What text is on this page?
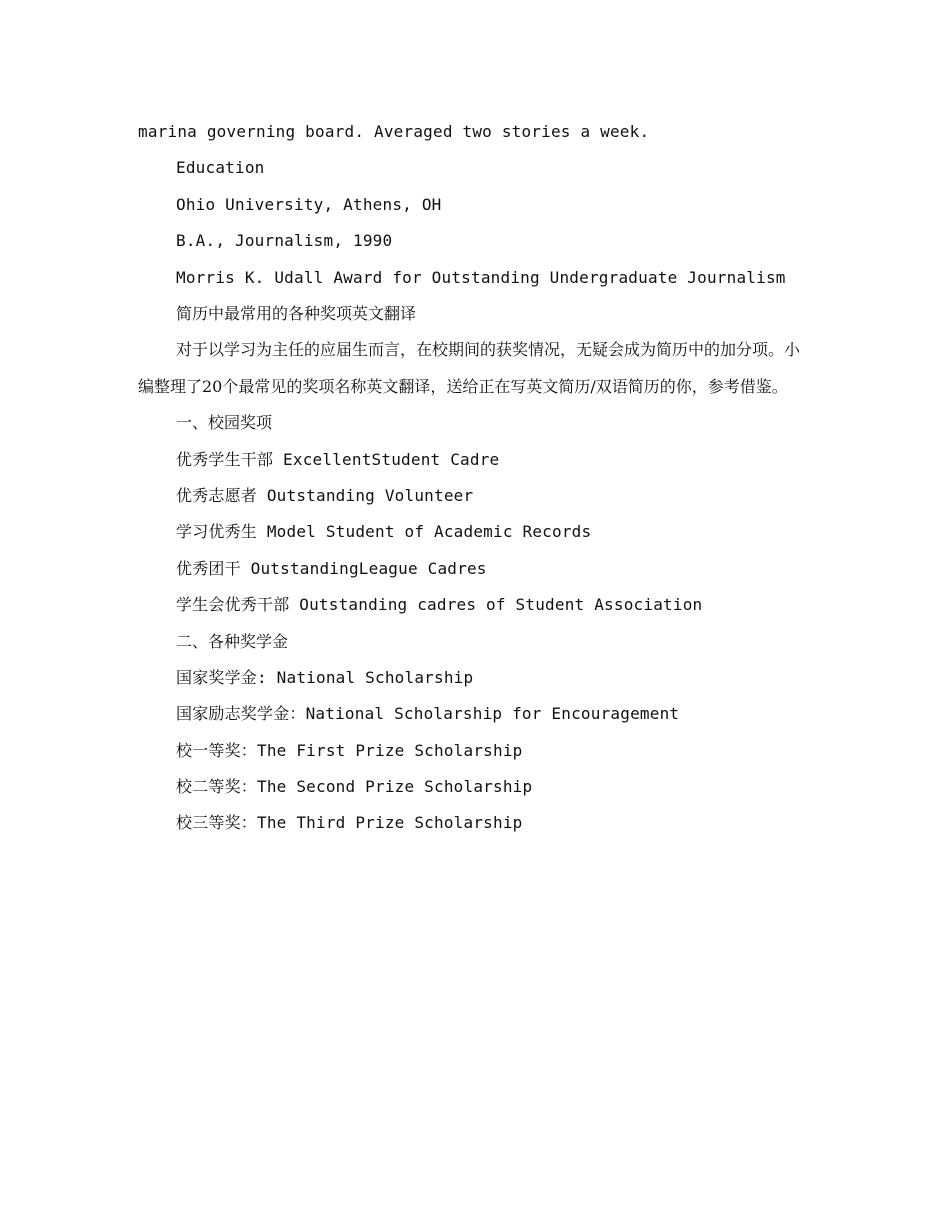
marina governing board. Averaged two stories a week.

Education

Ohio University, Athens, OH

B.A., Journalism, 1990

Morris K. Udall Award for Outstanding Undergraduate Journalism

简历中最常用的各种奖项英文翻译

对于以学习为主任的应届生而言，在校期间的获奖情况，无疑会成为简历中的加分项。小编整理了20个最常见的奖项名称英文翻译，送给正在写英文简历/双语简历的你，参考借鉴。

一、校园奖项

优秀学生干部 ExcellentStudent Cadre

优秀志愿者 Outstanding Volunteer

学习优秀生 Model Student of Academic Records

优秀团干 OutstandingLeague Cadres

学生会优秀干部 Outstanding cadres of Student Association

二、各种奖学金

国家奖学金: National Scholarship

国家励志奖学金：National Scholarship for Encouragement

校一等奖：The First Prize Scholarship

校二等奖：The Second Prize Scholarship

校三等奖：The Third Prize Scholarship
